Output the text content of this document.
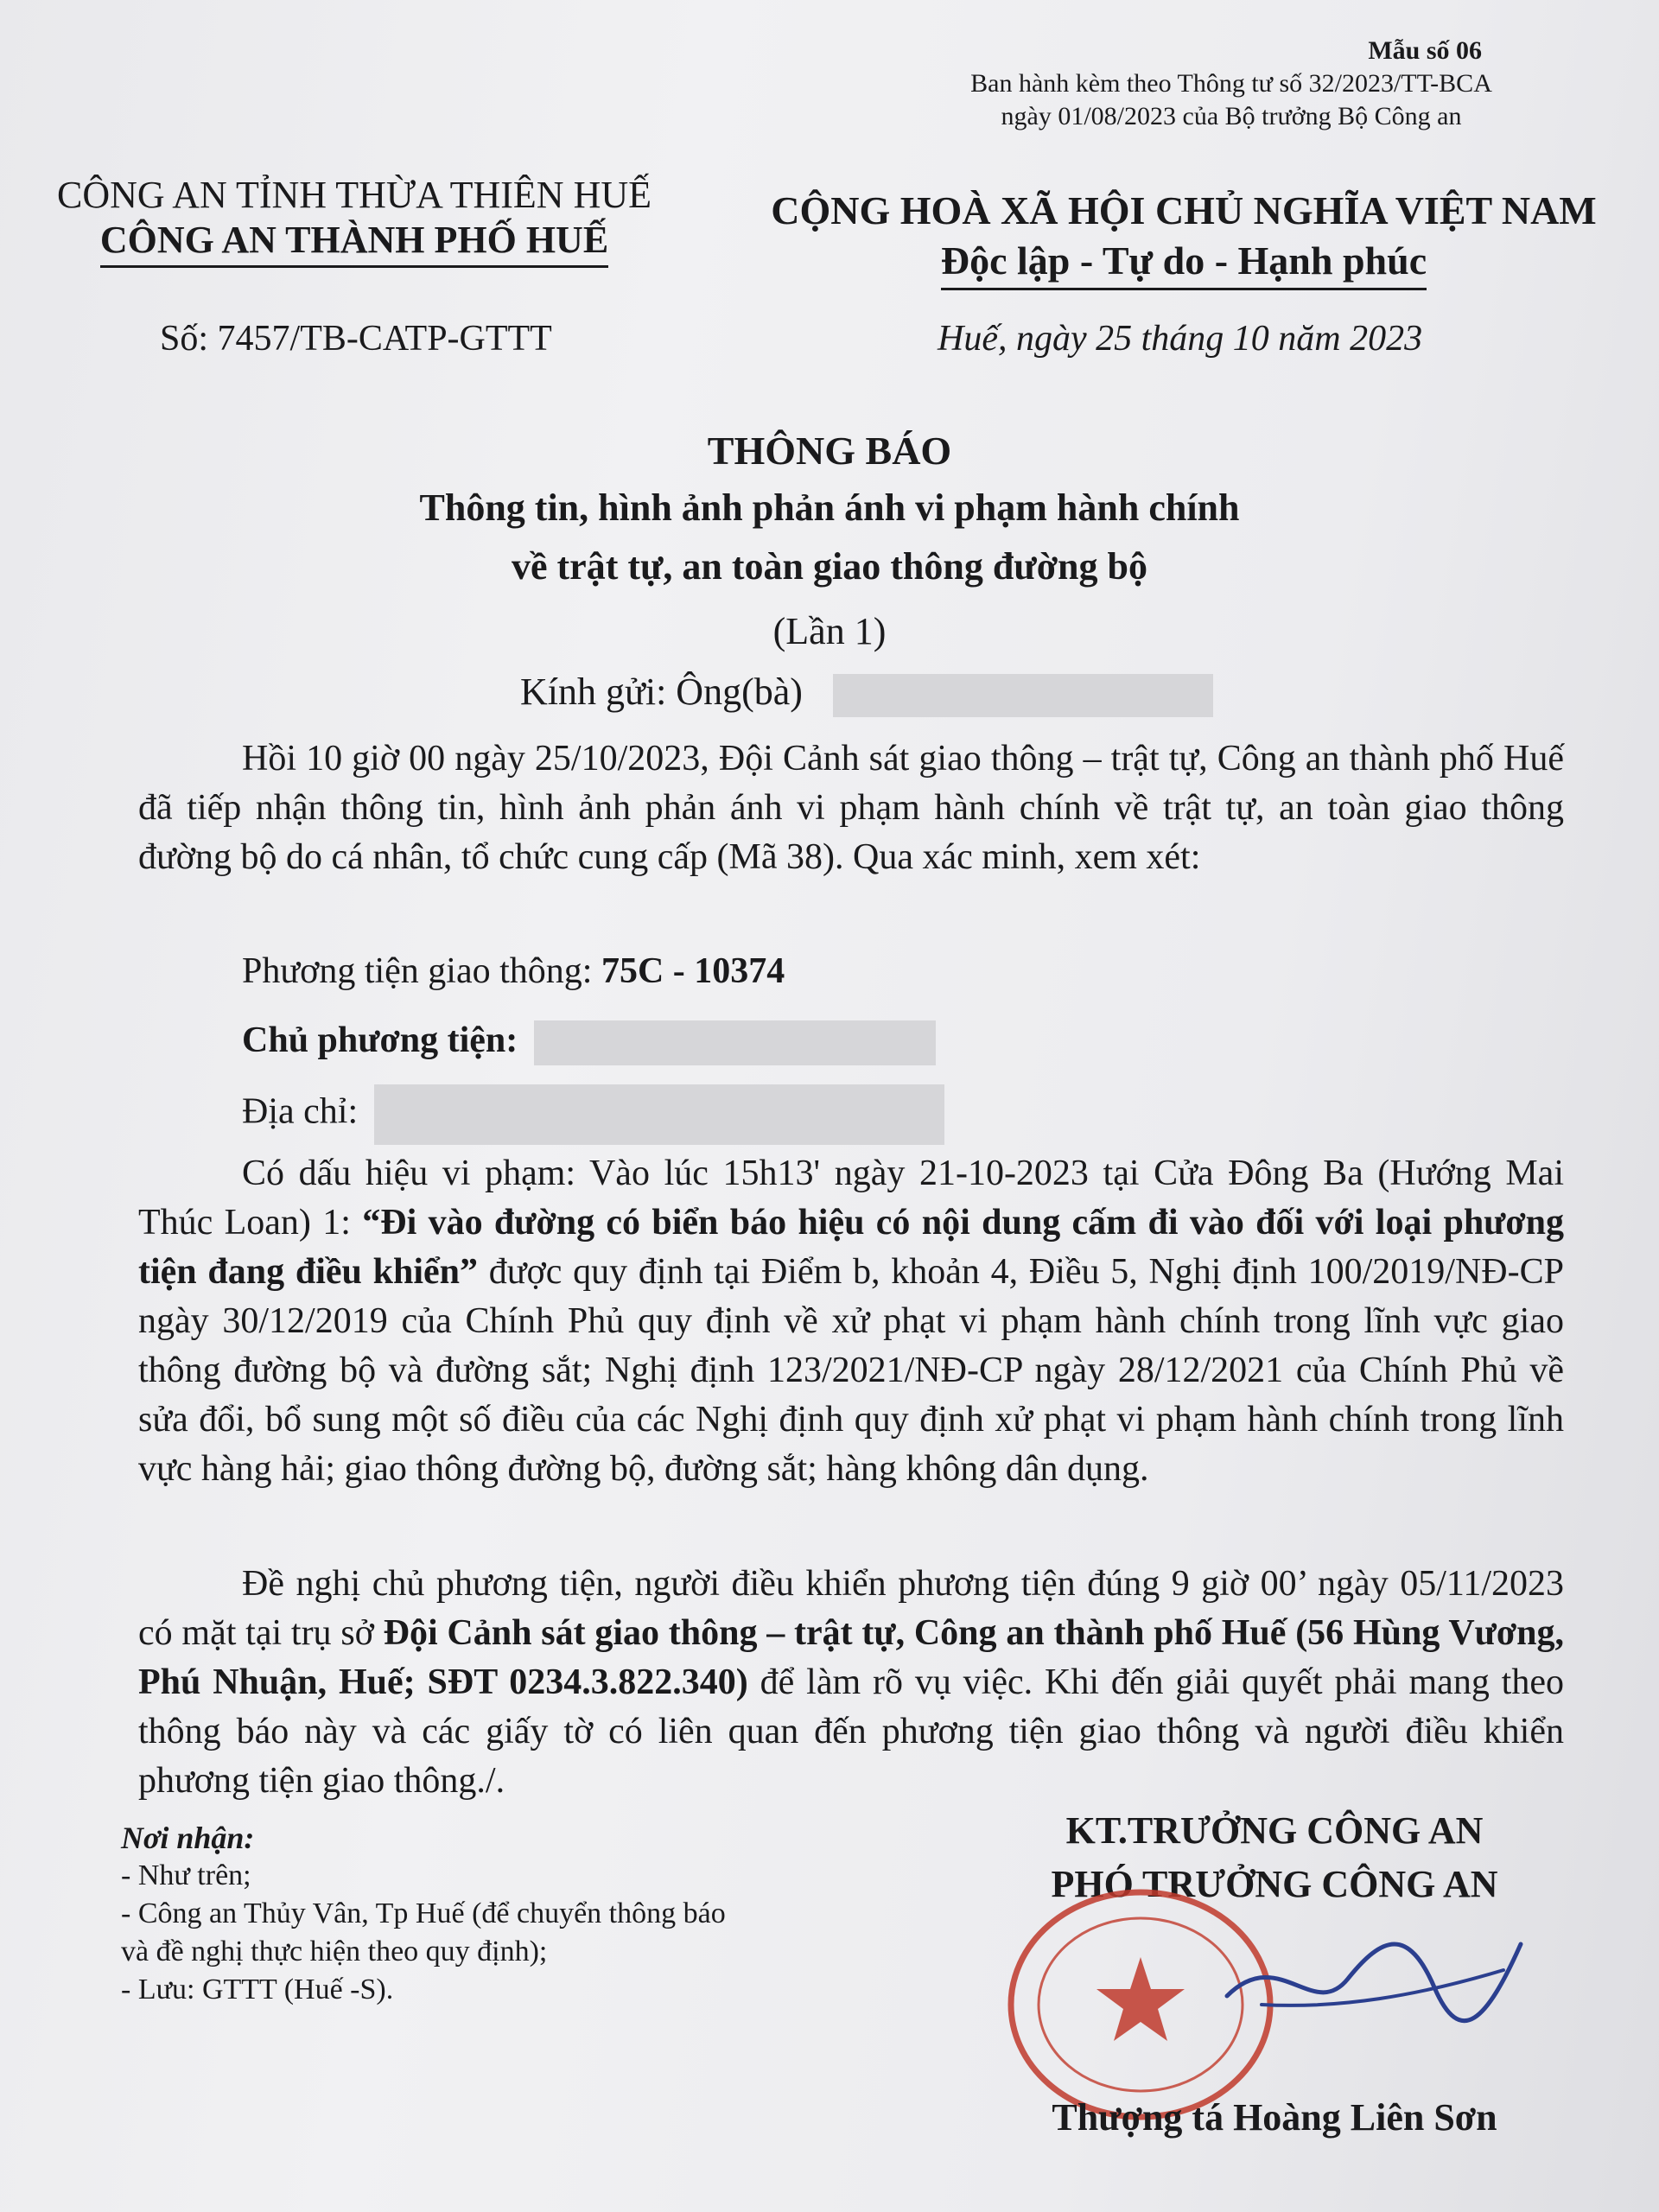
Mẫu số 06
Ban hành kèm theo Thông tư số 32/2023/TT-BCA
ngày 01/08/2023 của Bộ trưởng Bộ Công an
CÔNG AN TỈNH THỪA THIÊN HUẾ
CÔNG AN THÀNH PHỐ HUẾ
CỘNG HOÀ XÃ HỘI CHỦ NGHĨA VIỆT NAM
Độc lập - Tự do - Hạnh phúc
Số: 7457/TB-CATP-GTTT	Huế, ngày 25 tháng 10 năm 2023
THÔNG BÁO
Thông tin, hình ảnh phản ánh vi phạm hành chính
về trật tự, an toàn giao thông đường bộ
(Lần 1)
Kính gửi: Ông(bà)

Hồi 10 giờ 00 ngày 25/10/2023, Đội Cảnh sát giao thông – trật tự, Công an thành phố Huế đã tiếp nhận thông tin, hình ảnh phản ánh vi phạm hành chính về trật tự, an toàn giao thông đường bộ do cá nhân, tổ chức cung cấp (Mã 38). Qua xác minh, xem xét:

Phương tiện giao thông: 75C - 10374
Chủ phương tiện:
Địa chỉ:

Có dấu hiệu vi phạm: Vào lúc 15h13' ngày 21-10-2023 tại Cửa Đông Ba (Hướng Mai Thúc Loan) 1: “Đi vào đường có biển báo hiệu có nội dung cấm đi vào đối với loại phương tiện đang điều khiển” được quy định tại Điểm b, khoản 4, Điều 5, Nghị định 100/2019/NĐ-CP ngày 30/12/2019 của Chính Phủ quy định về xử phạt vi phạm hành chính trong lĩnh vực giao thông đường bộ và đường sắt; Nghị định 123/2021/NĐ-CP ngày 28/12/2021 của Chính Phủ về sửa đổi, bổ sung một số điều của các Nghị định quy định xử phạt vi phạm hành chính trong lĩnh vực hàng hải; giao thông đường bộ, đường sắt; hàng không dân dụng.

Đề nghị chủ phương tiện, người điều khiển phương tiện đúng 9 giờ 00’ ngày 05/11/2023 có mặt tại trụ sở Đội Cảnh sát giao thông – trật tự, Công an thành phố Huế (56 Hùng Vương, Phú Nhuận, Huế; SĐT 0234.3.822.340) để làm rõ vụ việc. Khi đến giải quyết phải mang theo thông báo này và các giấy tờ có liên quan đến phương tiện giao thông và người điều khiển phương tiện giao thông./.

Nơi nhận:
- Như trên;
- Công an Thủy Vân, Tp Huế (để chuyển thông báo
và đề nghị thực hiện theo quy định);
- Lưu: GTTT (Huế -S).
KT.TRƯỞNG CÔNG AN
PHÓ TRƯỞNG CÔNG AN
Thượng tá Hoàng Liên Sơn
